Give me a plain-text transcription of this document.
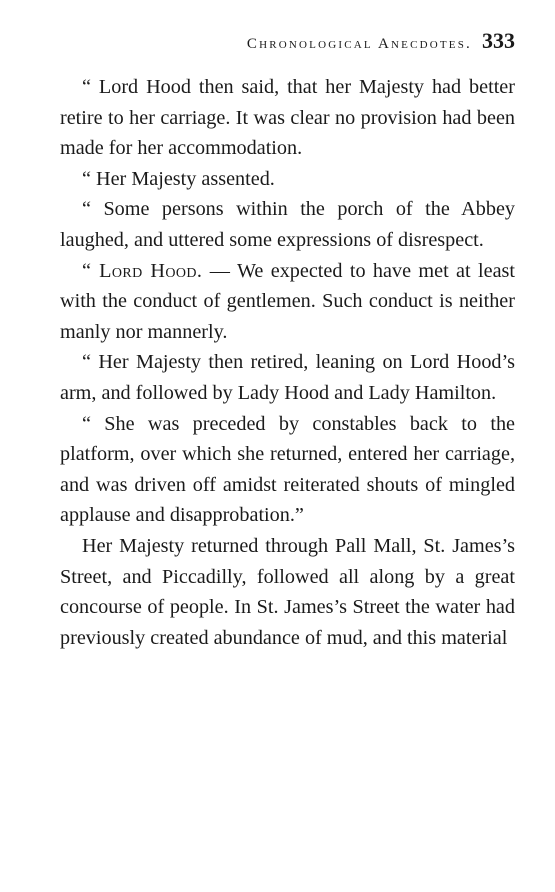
Chronological Anecdotes. 333

“ Lord Hood then said, that her Majesty had better retire to her carriage. It was clear no provision had been made for her accommodation.

“ Her Majesty assented.

“ Some persons within the porch of the Abbey laughed, and uttered some expressions of disrespect.

“ Lord Hood. — We expected to have met at least with the conduct of gentlemen. Such conduct is neither manly nor mannerly.

“ Her Majesty then retired, leaning on Lord Hood’s arm, and followed by Lady Hood and Lady Hamilton.

“ She was preceded by constables back to the platform, over which she returned, entered her carriage, and was driven off amidst reiterated shouts of mingled applause and disapprobation.”

Her Majesty returned through Pall Mall, St. James’s Street, and Piccadilly, followed all along by a great concourse of people. In St. James’s Street the water had previously created abundance of mud, and this material
